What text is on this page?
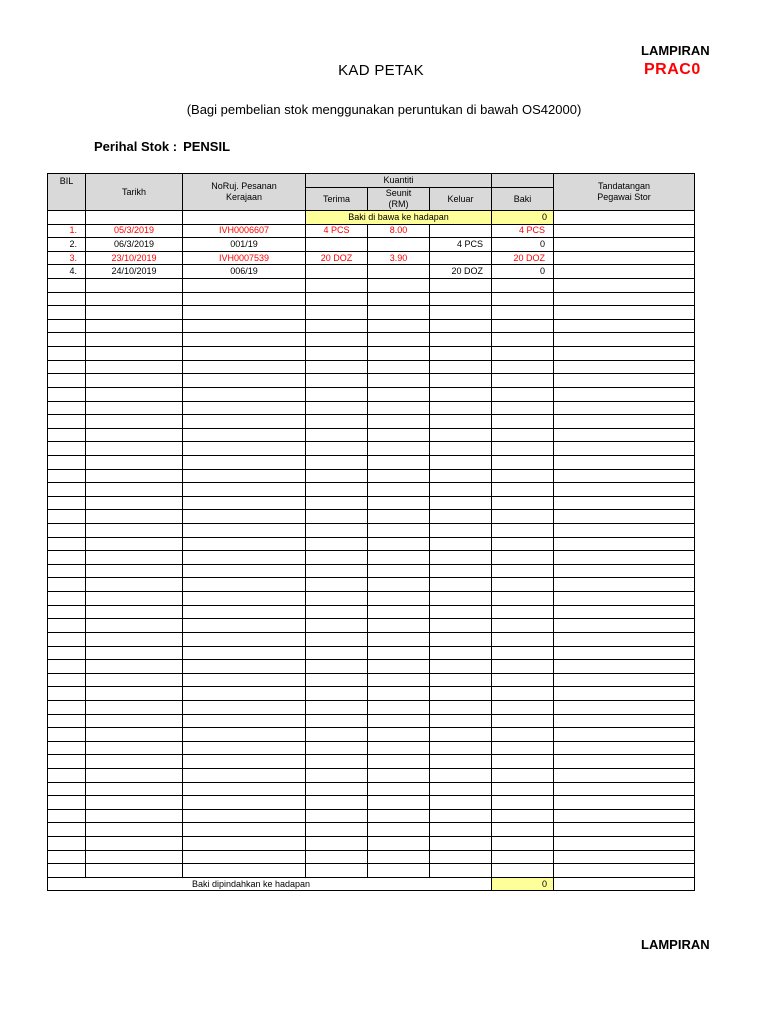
LAMPIRAN
KAD PETAK	PRAC0
(Bagi pembelian stok menggunakan peruntukan di bawah OS42000)
Perihal Stok : PENSIL
BIL	Tarikh	NoRuj. Pesanan Kerajaan	Kuantiti				Tandatangan Pegawai Stor
			Terima	Seunit (RM)	Keluar	Baki	
			Baki di bawa ke hadapan			0	
1.	05/3/2019	IVH0006607	4 PCS	8.00		4 PCS	
2.	06/3/2019	001/19			4 PCS	0	
3.	23/10/2019	IVH0007539	20 DOZ	3.90		20 DOZ	
4.	24/10/2019	006/19			20 DOZ	0	

Baki dipindahkan ke hadapan						0	
LAMPIRAN
